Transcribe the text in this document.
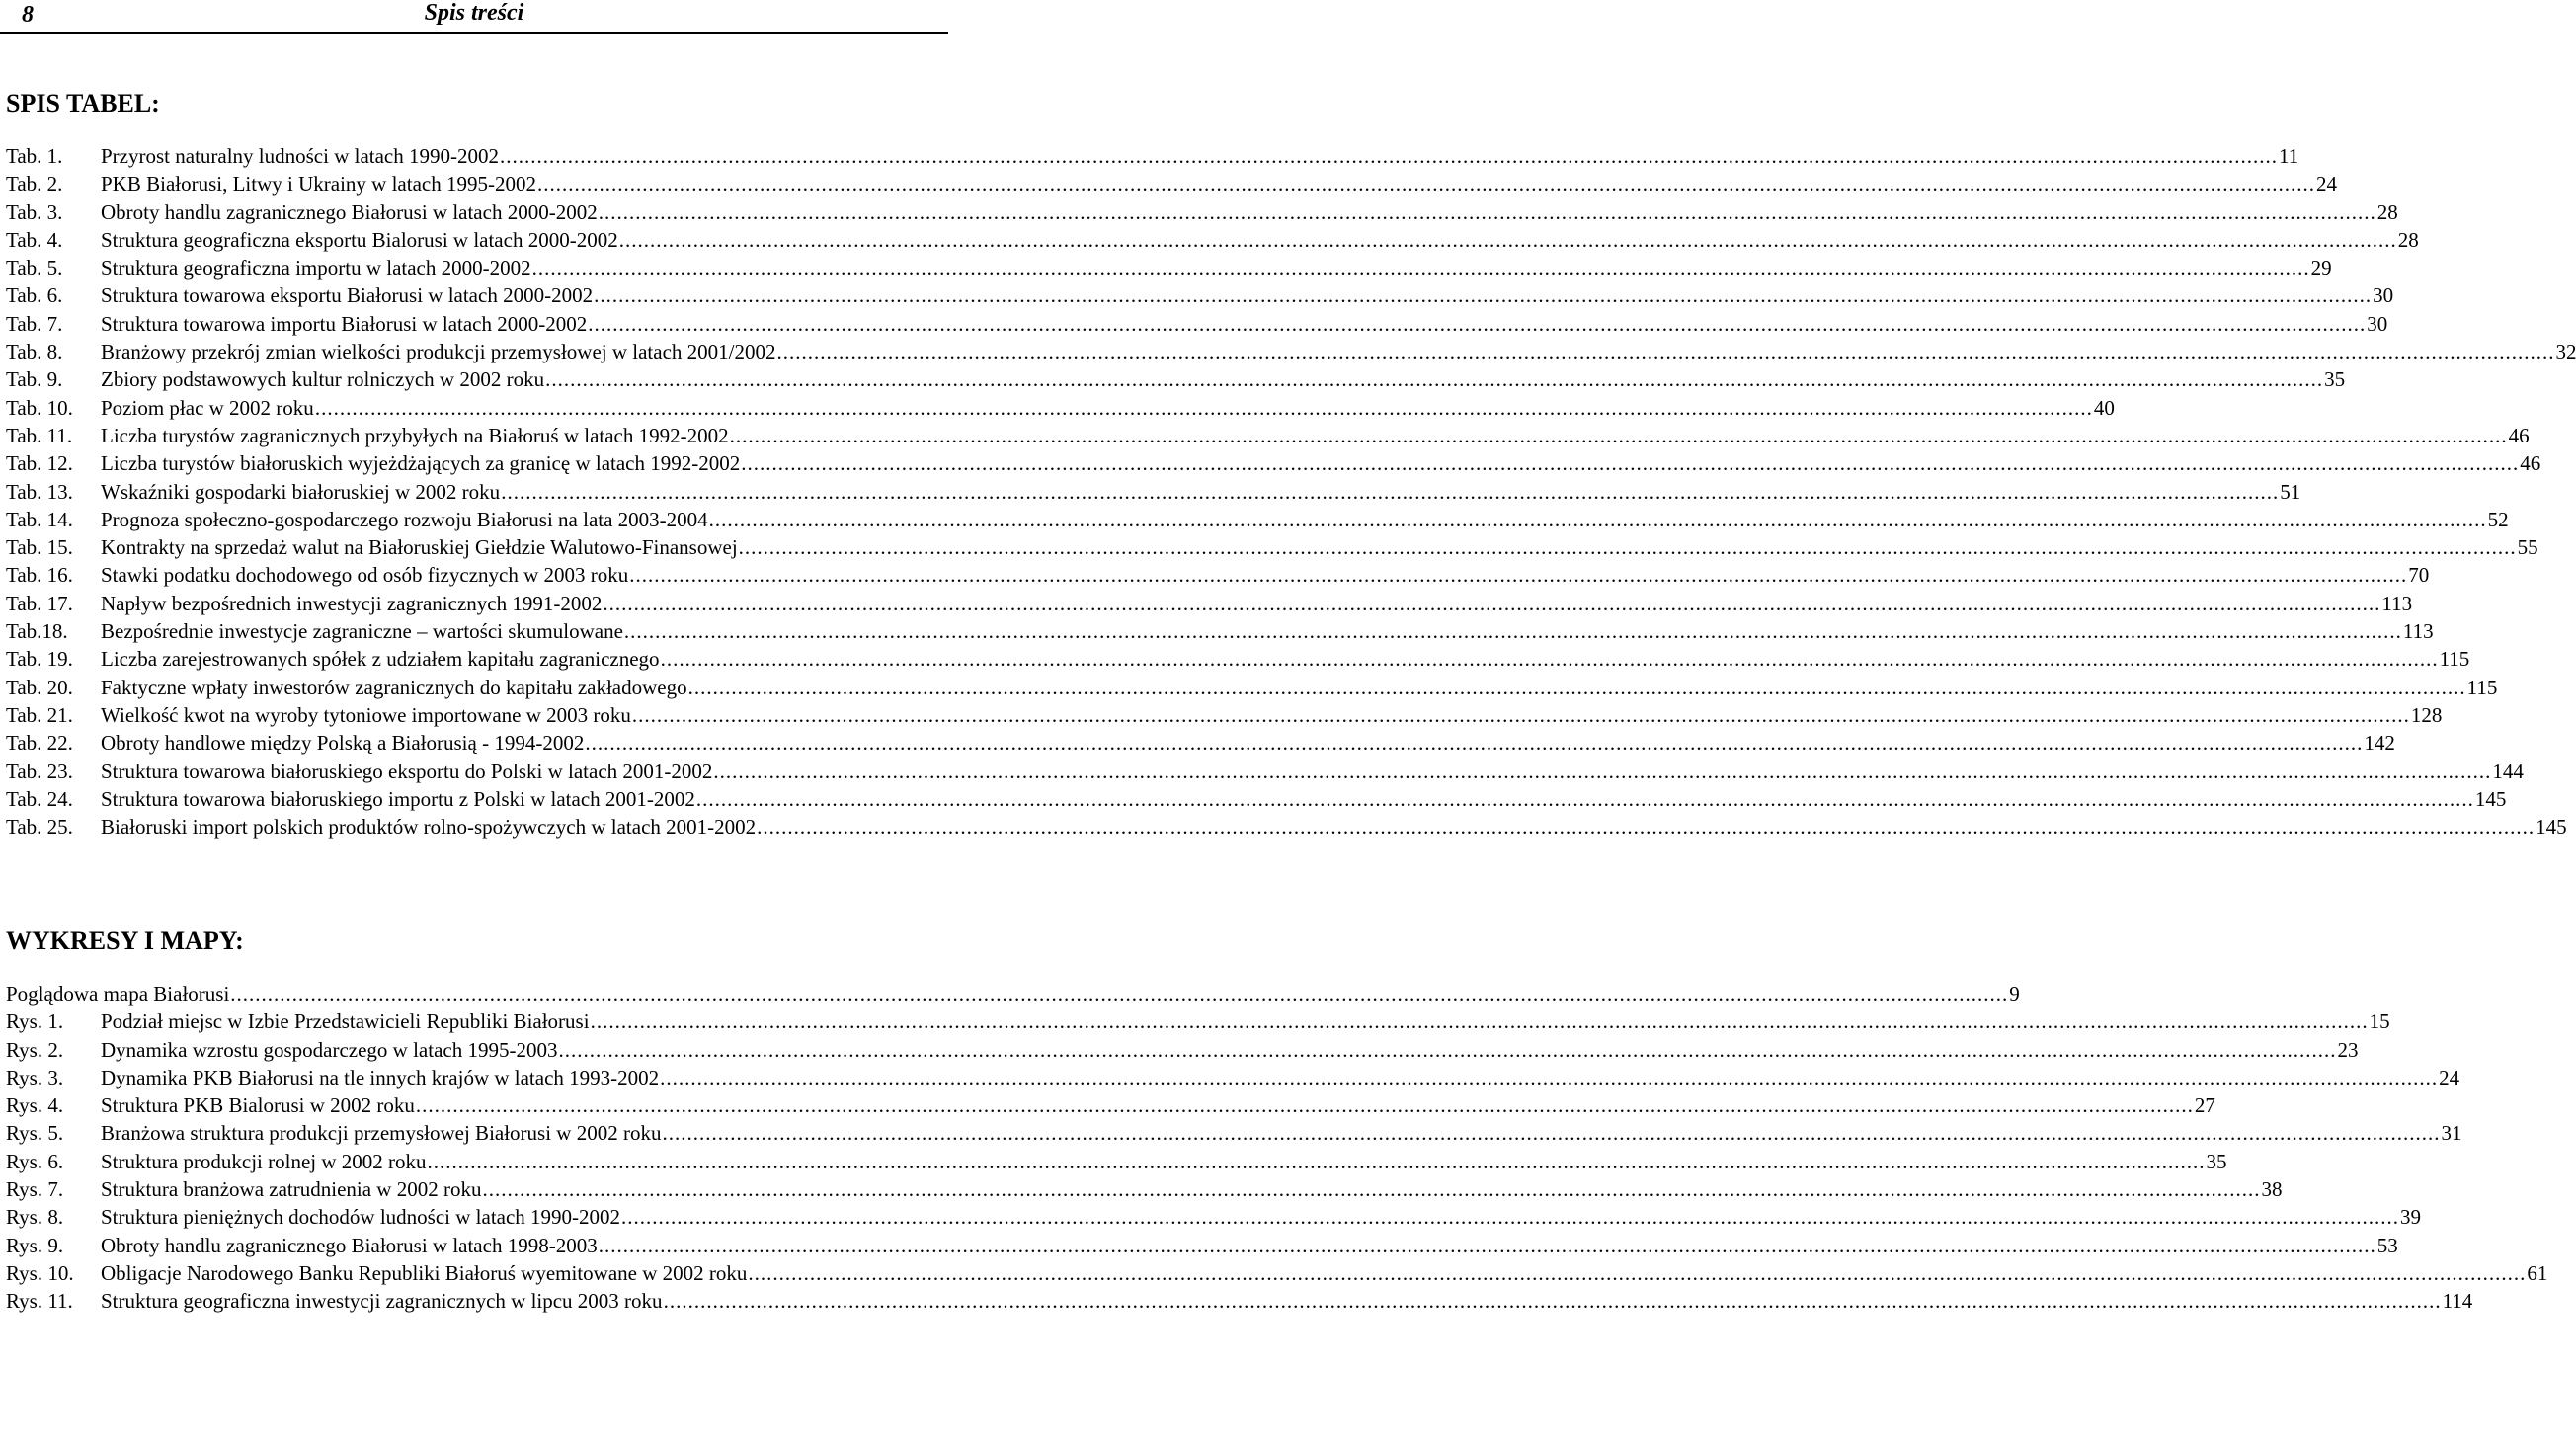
8	Spis treści
SPIS TABEL:
Tab. 1.	Przyrost naturalny ludności w latach 1990-2002 .....	11
Tab. 2.	PKB Białorusi, Litwy i Ukrainy w latach 1995-2002 .....	24
Tab. 3.	Obroty handlu zagranicznego Białorusi w latach 2000-2002 .....	28
Tab. 4.	Struktura geograficzna eksportu Bialorusi w latach 2000-2002 .....	28
Tab. 5.	Struktura geograficzna importu w latach 2000-2002 .....	29
Tab. 6.	Struktura towarowa eksportu Białorusi w latach 2000-2002 .....	30
Tab. 7.	Struktura towarowa importu Białorusi w latach 2000-2002 .....	30
Tab. 8.	Branżowy przekrój zmian wielkości produkcji przemysłowej w latach 2001/2002 .....	32
Tab. 9.	Zbiory podstawowych kultur rolniczych w 2002 roku .....	35
Tab. 10.	Poziom płac w 2002 roku .....	40
Tab. 11.	Liczba turystów zagranicznych przybyłych na Białoruś w latach 1992-2002 .....	46
Tab. 12.	Liczba turystów białoruskich wyjeżdżających za granicę w latach 1992-2002 .....	46
Tab. 13.	Wskaźniki gospodarki białoruskiej w 2002 roku .....	51
Tab. 14.	Prognoza społeczno-gospodarczego rozwoju Białorusi na lata 2003-2004 .....	52
Tab. 15.	Kontrakty na sprzedaż walut na Białoruskiej Giełdzie Walutowo-Finansowej .....	55
Tab. 16.	Stawki podatku dochodowego od osób fizycznych w 2003 roku .....	70
Tab. 17.	Napływ bezpośrednich inwestycji zagranicznych 1991-2002 .....	113
Tab.18.	Bezpośrednie inwestycje zagraniczne – wartości skumulowane .....	113
Tab. 19.	Liczba zarejestrowanych spółek z udziałem kapitału zagranicznego .....	115
Tab. 20.	Faktyczne wpłaty inwestorów zagranicznych do kapitału zakładowego .....	115
Tab. 21.	Wielkość kwot na wyroby tytoniowe importowane w 2003 roku .....	128
Tab. 22.	Obroty handlowe między Polską a Białorusią - 1994-2002 .....	142
Tab. 23.	Struktura towarowa białoruskiego eksportu do Polski w latach 2001-2002 .....	144
Tab. 24.	Struktura towarowa białoruskiego importu z Polski w latach 2001-2002 .....	145
Tab. 25.	Białoruski import polskich produktów rolno-spożywczych w latach 2001-2002 .....	145
WYKRESY I MAPY:
Poglądowa mapa Białorusi .....	9
Rys. 1.	Podział miejsc w Izbie Przedstawicieli Republiki Białorusi .....	15
Rys. 2.	Dynamika wzrostu gospodarczego w latach 1995-2003 .....	23
Rys. 3.	Dynamika PKB Białorusi na tle innych krajów w latach 1993-2002 .....	24
Rys. 4.	Struktura PKB Bialorusi w 2002 roku .....	27
Rys. 5.	Branżowa struktura produkcji przemysłowej Białorusi w 2002 roku .....	31
Rys. 6.	Struktura produkcji rolnej w 2002 roku .....	35
Rys. 7.	Struktura branżowa zatrudnienia w 2002 roku .....	38
Rys. 8.	Struktura pieniężnych dochodów ludności w latach 1990-2002 .....	39
Rys. 9.	Obroty handlu zagranicznego Białorusi w latach 1998-2003 .....	53
Rys. 10.	Obligacje Narodowego Banku Republiki Białoruś wyemitowane w 2002 roku .....	61
Rys. 11.	Struktura geograficzna inwestycji zagranicznych w lipcu 2003 roku .....	114
